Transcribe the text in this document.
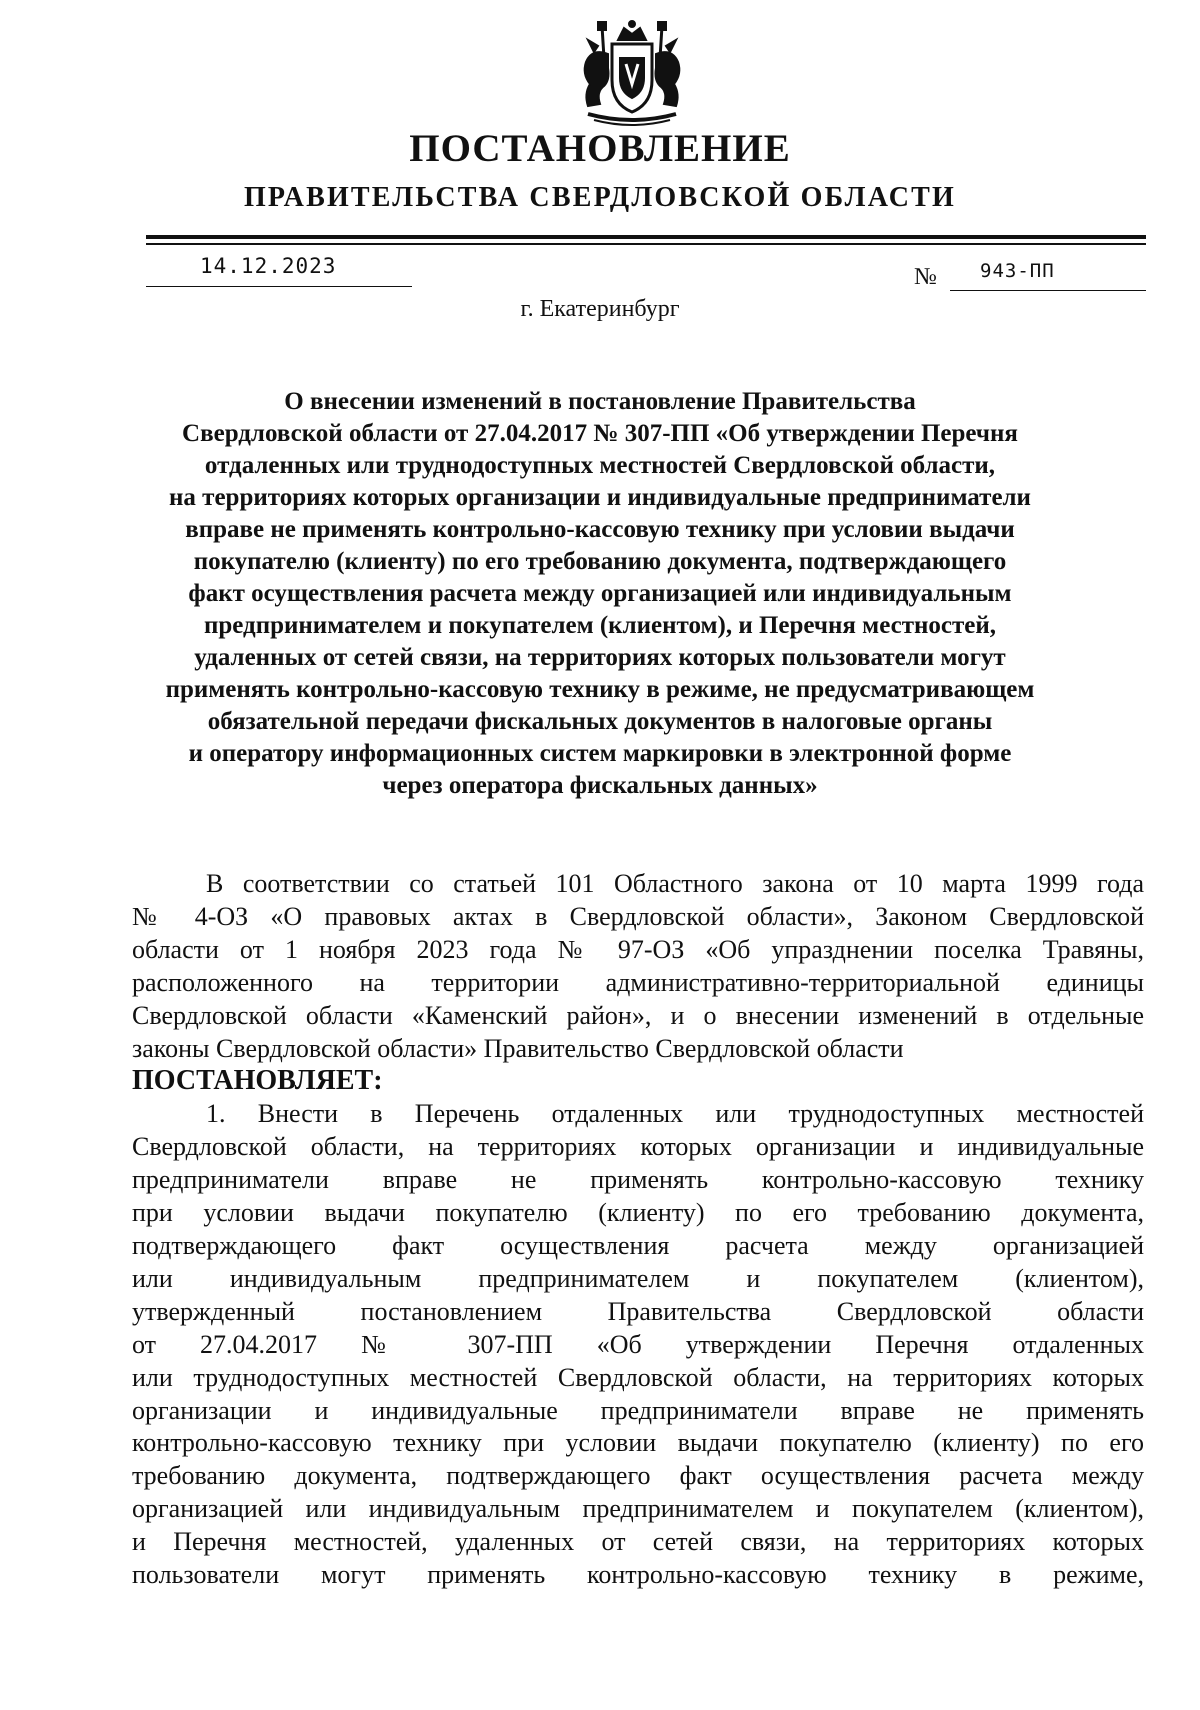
ПОСТАНОВЛЕНИЕ
ПРАВИТЕЛЬСТВА СВЕРДЛОВСКОЙ ОБЛАСТИ

14.12.2023	№ 943-ПП

г. Екатеринбург

О внесении изменений в постановление Правительства
Свердловской области от 27.04.2017 № 307-ПП «Об утверждении Перечня
отдаленных или труднодоступных местностей Свердловской области,
на территориях которых организации и индивидуальные предприниматели
вправе не применять контрольно-кассовую технику при условии выдачи
покупателю (клиенту) по его требованию документа, подтверждающего
факт осуществления расчета между организацией или индивидуальным
предпринимателем и покупателем (клиентом), и Перечня местностей,
удаленных от сетей связи, на территориях которых пользователи могут
применять контрольно-кассовую технику в режиме, не предусматривающем
обязательной передачи фискальных документов в налоговые органы
и оператору информационных систем маркировки в электронной форме
через оператора фискальных данных»
В соответствии со статьей 101 Областного закона от 10 марта 1999 года
№ 4-ОЗ «О правовых актах в Свердловской области», Законом Свердловской
области от 1 ноября 2023 года № 97-ОЗ «Об упразднении поселка Травяны,
расположенного на территории административно-территориальной единицы
Свердловской области «Каменский район», и о внесении изменений в отдельные
законы Свердловской области» Правительство Свердловской области
ПОСТАНОВЛЯЕТ:
1. Внести в Перечень отдаленных или труднодоступных местностей
Свердловской области, на территориях которых организации и индивидуальные
предприниматели вправе не применять контрольно-кассовую технику
при условии выдачи покупателю (клиенту) по его требованию документа,
подтверждающего факт осуществления расчета между организацией
или индивидуальным предпринимателем и покупателем (клиентом),
утвержденный постановлением Правительства Свердловской области
от 27.04.2017 № 307-ПП «Об утверждении Перечня отдаленных
или труднодоступных местностей Свердловской области, на территориях которых
организации и индивидуальные предприниматели вправе не применять
контрольно-кассовую технику при условии выдачи покупателю (клиенту) по его
требованию документа, подтверждающего факт осуществления расчета между
организацией или индивидуальным предпринимателем и покупателем (клиентом),
и Перечня местностей, удаленных от сетей связи, на территориях которых
пользователи могут применять контрольно-кассовую технику в режиме,
